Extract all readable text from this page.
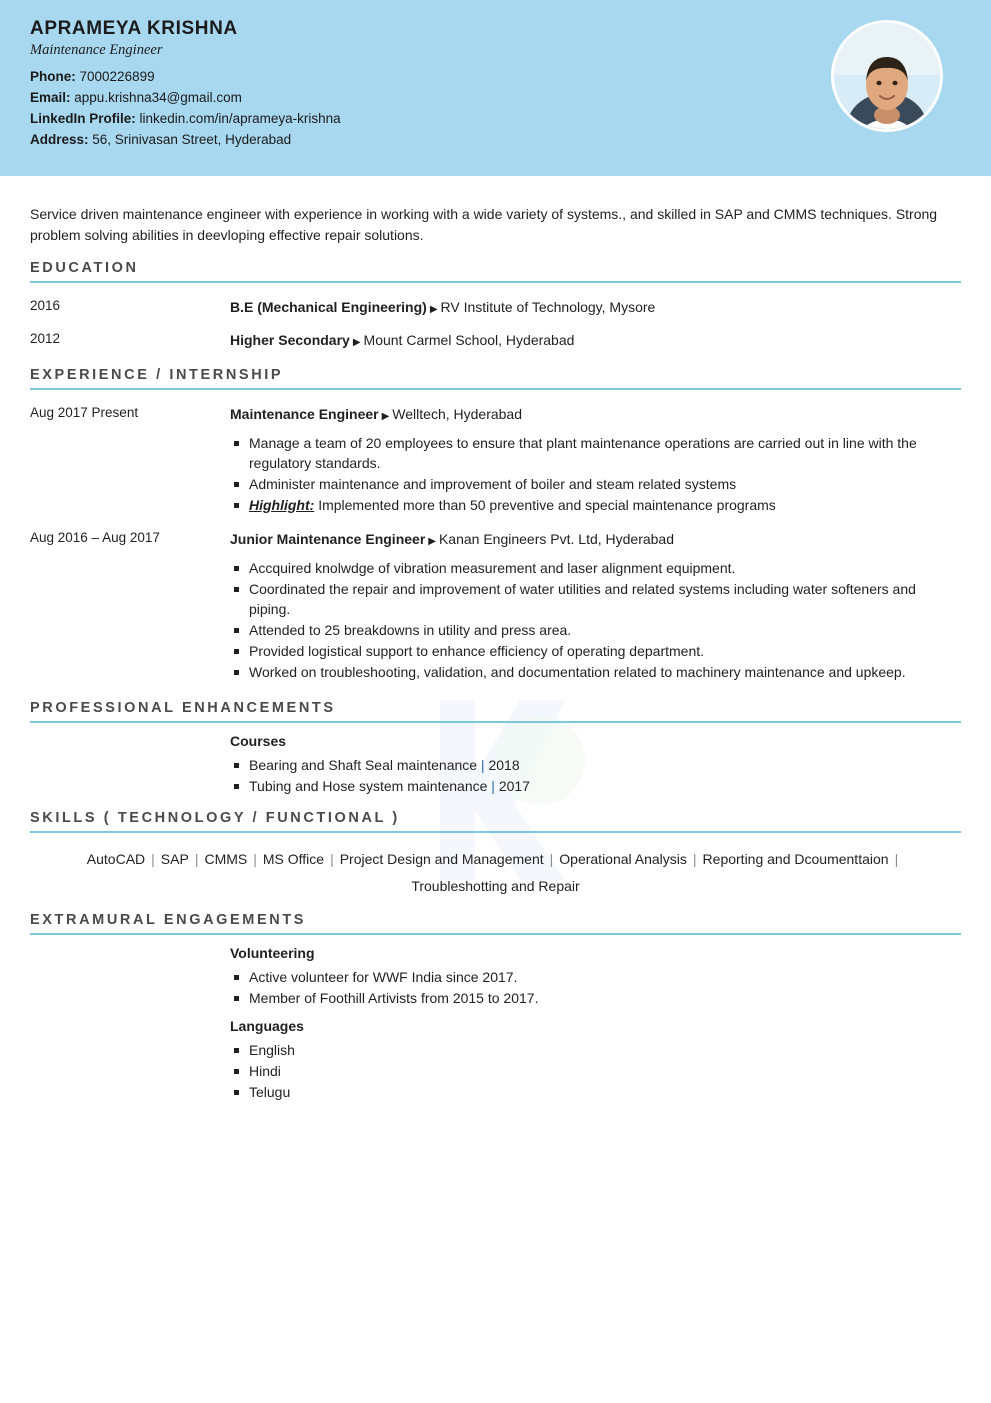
APRAMEYA KRISHNA
Maintenance Engineer
Phone: 7000226899
Email: appu.krishna34@gmail.com
LinkedIn Profile: linkedin.com/in/aprameya-krishna
Address: 56, Srinivasan Street, Hyderabad
Service driven maintenance engineer with experience in working with a wide variety of systems., and skilled in SAP and CMMS techniques. Strong problem solving abilities in deevloping effective repair solutions.
EDUCATION
2016	B.E (Mechanical Engineering) ▶ RV Institute of Technology, Mysore
2012	Higher Secondary ▶ Mount Carmel School, Hyderabad
EXPERIENCE / INTERNSHIP
Aug 2017 Present	Maintenance Engineer ▶ Welltech, Hyderabad
Manage a team of 20 employees to ensure that plant maintenance operations are carried out in line with the regulatory standards.
Administer maintenance and improvement of boiler and steam related systems
Highlight: Implemented more than 50 preventive and special maintenance programs
Aug 2016 – Aug 2017	Junior Maintenance Engineer ▶ Kanan Engineers Pvt. Ltd, Hyderabad
Accquired knolwdge of vibration measurement and laser alignment equipment.
Coordinated the repair and improvement of water utilities and related systems including water softeners and piping.
Attended to 25 breakdowns in utility and press area.
Provided logistical support to enhance efficiency of operating department.
Worked on troubleshooting, validation, and documentation related to machinery maintenance and upkeep.
PROFESSIONAL ENHANCEMENTS
Courses
Bearing and Shaft Seal maintenance | 2018
Tubing and Hose system maintenance | 2017
SKILLS ( TECHNOLOGY / FUNCTIONAL )
AutoCAD | SAP | CMMS | MS Office | Project Design and Management | Operational Analysis | Reporting and Dcoumenttaion |
Troubleshotting and Repair
EXTRAMURAL ENGAGEMENTS
Volunteering
Active volunteer for WWF India since 2017.
Member of Foothill Artivists from 2015 to 2017.
Languages
English
Hindi
Telugu
